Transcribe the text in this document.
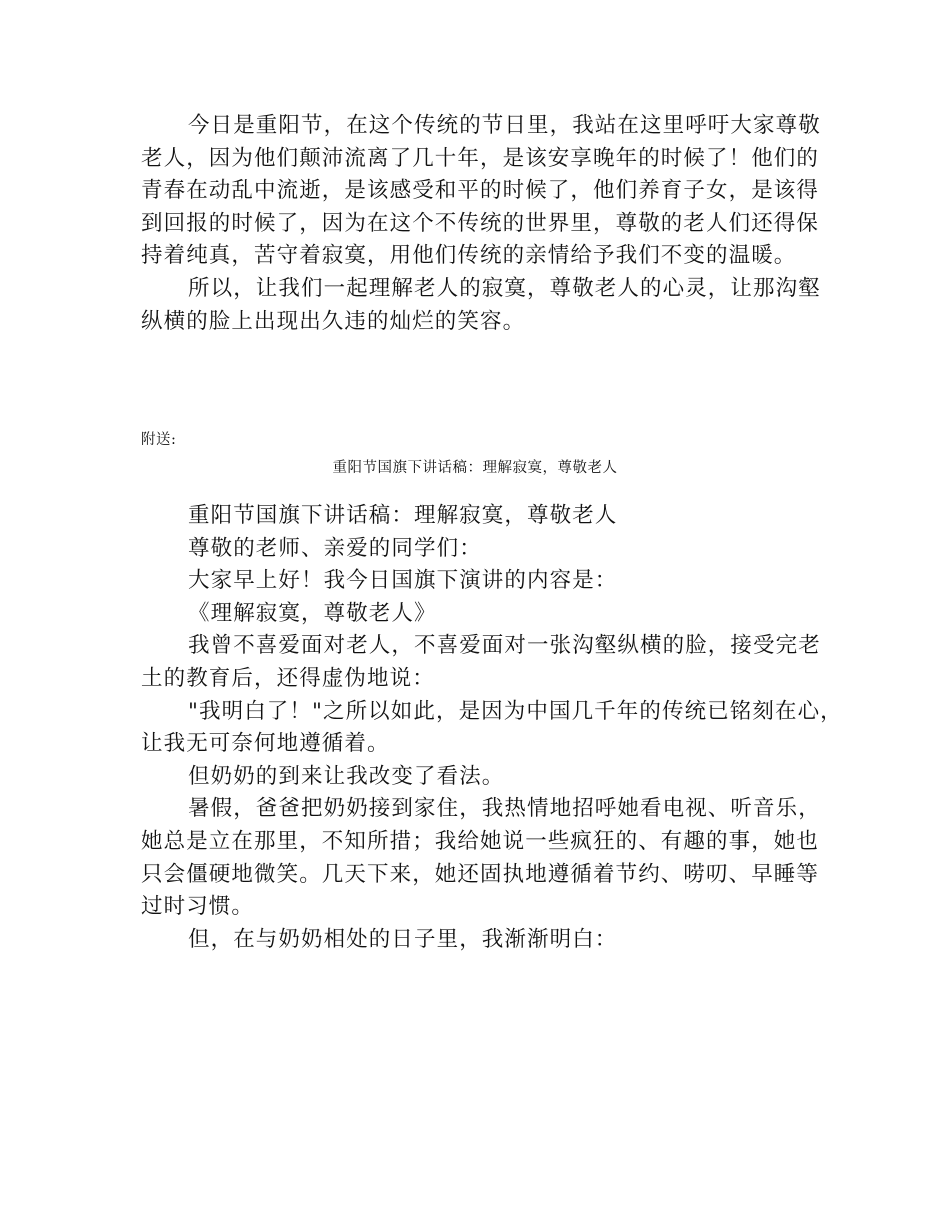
今日是重阳节，在这个传统的节日里，我站在这里呼吁大家尊敬
老人，因为他们颠沛流离了几十年，是该安享晚年的时候了！他们的
青春在动乱中流逝，是该感受和平的时候了，他们养育子女，是该得
到回报的时候了，因为在这个不传统的世界里，尊敬的老人们还得保
持着纯真，苦守着寂寞，用他们传统的亲情给予我们不变的温暖。

所以，让我们一起理解老人的寂寞，尊敬老人的心灵，让那沟壑
纵横的脸上出现出久违的灿烂的笑容。

附送:

重阳节国旗下讲话稿：理解寂寞，尊敬老人

重阳节国旗下讲话稿：理解寂寞，尊敬老人

尊敬的老师、亲爱的同学们：

大家早上好！我今日国旗下演讲的内容是：

《理解寂寞，尊敬老人》

我曾不喜爱面对老人，不喜爱面对一张沟壑纵横的脸，接受完老
土的教育后，还得虚伪地说：

"我明白了！"之所以如此，是因为中国几千年的传统已铭刻在心，
让我无可奈何地遵循着。

但奶奶的到来让我改变了看法。

暑假，爸爸把奶奶接到家住，我热情地招呼她看电视、听音乐，
她总是立在那里，不知所措；我给她说一些疯狂的、有趣的事，她也
只会僵硬地微笑。几天下来，她还固执地遵循着节约、唠叨、早睡等
过时习惯。

但，在与奶奶相处的日子里，我渐渐明白：
